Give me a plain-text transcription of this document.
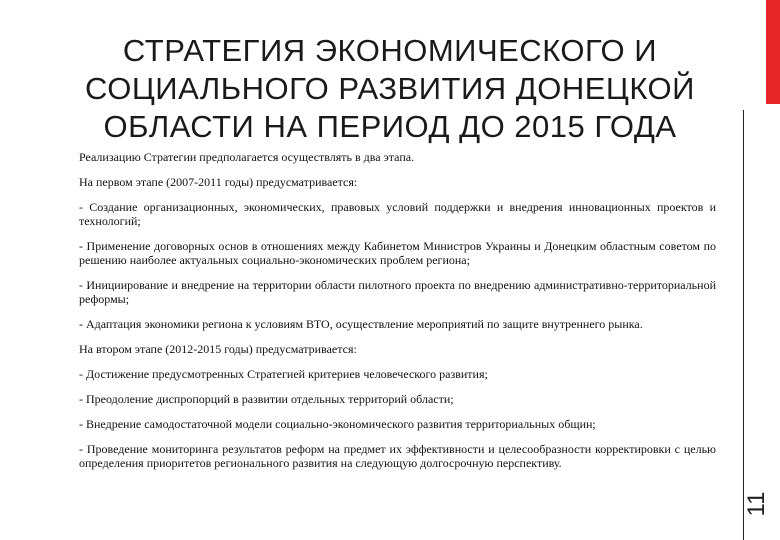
11
СТРАТЕГИЯ ЭКОНОМИЧЕСКОГО И СОЦИАЛЬНОГО РАЗВИТИЯ ДОНЕЦКОЙ ОБЛАСТИ НА ПЕРИОД ДО 2015 ГОДА

Реализацию Стратегии предполагается осуществлять в два этапа.

На первом этапе (2007-2011 годы) предусматривается:

- Создание организационных, экономических, правовых условий поддержки и внедрения инновационных проектов и технологий;

- Применение договорных основ в отношениях между Кабинетом Министров Украины и Донецким областным советом по решению наиболее актуальных социально-экономических проблем региона;

- Инициирование и внедрение на территории области пилотного проекта по внедрению административно-территориальной реформы;

- Адаптация экономики региона к условиям ВТО, осуществление мероприятий по защите внутреннего рынка.

На втором этапе (2012-2015 годы) предусматривается:

- Достижение предусмотренных Стратегией критериев человеческого развития;

- Преодоление диспропорций в развитии отдельных территорий области;

- Внедрение самодостаточной модели социально-экономического развития территориальных общин;

- Проведение мониторинга результатов реформ на предмет их эффективности и целесообразности корректировки с целью определения приоритетов регионального развития на следующую долгосрочную перспективу.
